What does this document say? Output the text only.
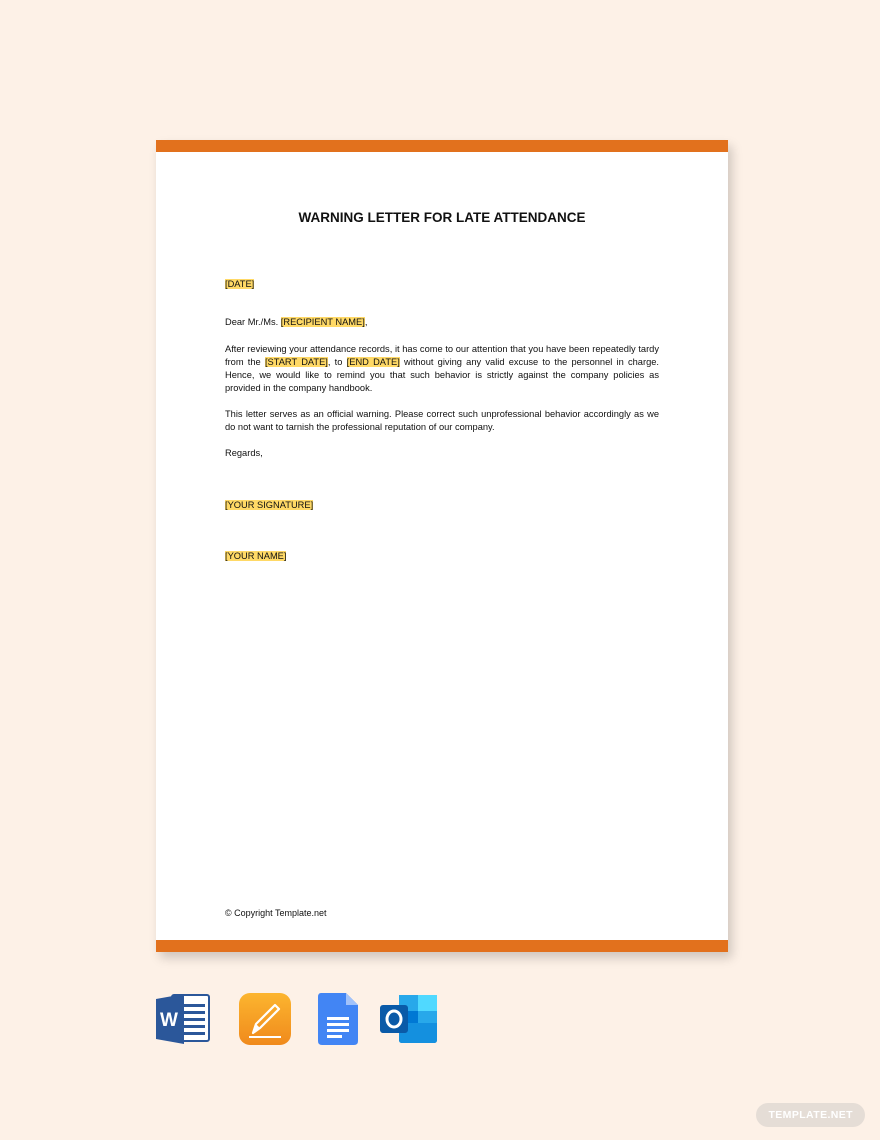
WARNING LETTER FOR LATE ATTENDANCE
[DATE]
Dear Mr./Ms. [RECIPIENT NAME],
After reviewing your attendance records, it has come to our attention that you have been repeatedly tardy from the [START DATE], to [END DATE] without giving any valid excuse to the personnel in charge. Hence, we would like to remind you that such behavior is strictly against the company policies as provided in the company handbook.
This letter serves as an official warning. Please correct such unprofessional behavior accordingly as we do not want to tarnish the professional reputation of our company.
Regards,
[YOUR SIGNATURE]
[YOUR NAME]
© Copyright Template.net
W
TEMPLATE.NET
